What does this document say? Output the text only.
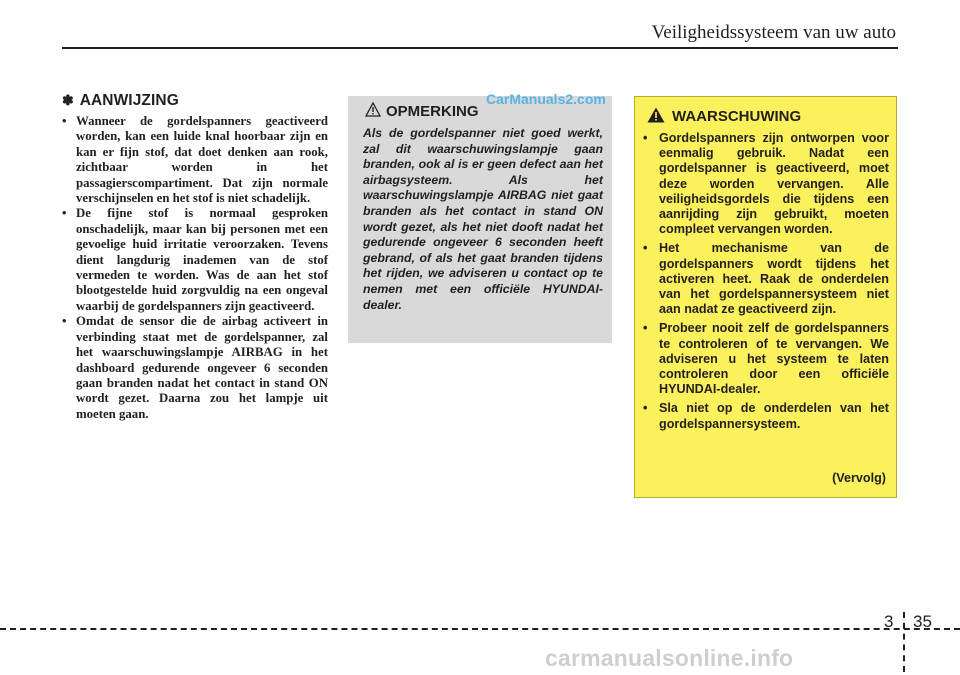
Veiligheidssysteem van uw auto
✽ AANWIJZING
• Wanneer de gordelspanners geactiveerd worden, kan een luide knal hoorbaar zijn en kan er fijn stof, dat doet denken aan rook, zichtbaar worden in het passagierscompartiment. Dat zijn normale verschijnselen en het stof is niet schadelijk.
• De fijne stof is normaal gesproken onschadelijk, maar kan bij personen met een gevoelige huid irritatie veroorzaken. Tevens dient langdurig inademen van de stof vermeden te worden. Was de aan het stof blootgestelde huid zorgvuldig na een ongeval waarbij de gordelspanners zijn geactiveerd.
• Omdat de sensor die de airbag activeert in verbinding staat met de gordelspanner, zal het waarschuwingslampje AIRBAG in het dashboard gedurende ongeveer 6 seconden gaan branden nadat het contact in stand ON wordt gezet. Daarna zou het lampje uit moeten gaan.
OPMERKING
Als de gordelspanner niet goed werkt, zal dit waarschuwingslampje gaan branden, ook al is er geen defect aan het airbagsysteem. Als het waarschuwingslampje AIRBAG niet gaat branden als het contact in stand ON wordt gezet, als het niet dooft nadat het gedurende ongeveer 6 seconden heeft gebrand, of als het gaat branden tijdens het rijden, we adviseren u contact op te nemen met een officiële HYUNDAI-dealer.
CarManuals2.com
WAARSCHUWING
• Gordelspanners zijn ontworpen voor eenmalig gebruik. Nadat een gordelspanner is geactiveerd, moet deze worden vervangen. Alle veiligheidsgordels die tijdens een aanrijding zijn gebruikt, moeten compleet vervangen worden.
• Het mechanisme van de gordelspanners wordt tijdens het activeren heet. Raak de onderdelen van het gordelspannersysteem niet aan nadat ze geactiveerd zijn.
• Probeer nooit zelf de gordelspanners te controleren of te vervangen. We adviseren u het systeem te laten controleren door een officiële HYUNDAI-dealer.
• Sla niet op de onderdelen van het gordelspannersysteem.
(Vervolg)
3 35
carmanualsonline.info
